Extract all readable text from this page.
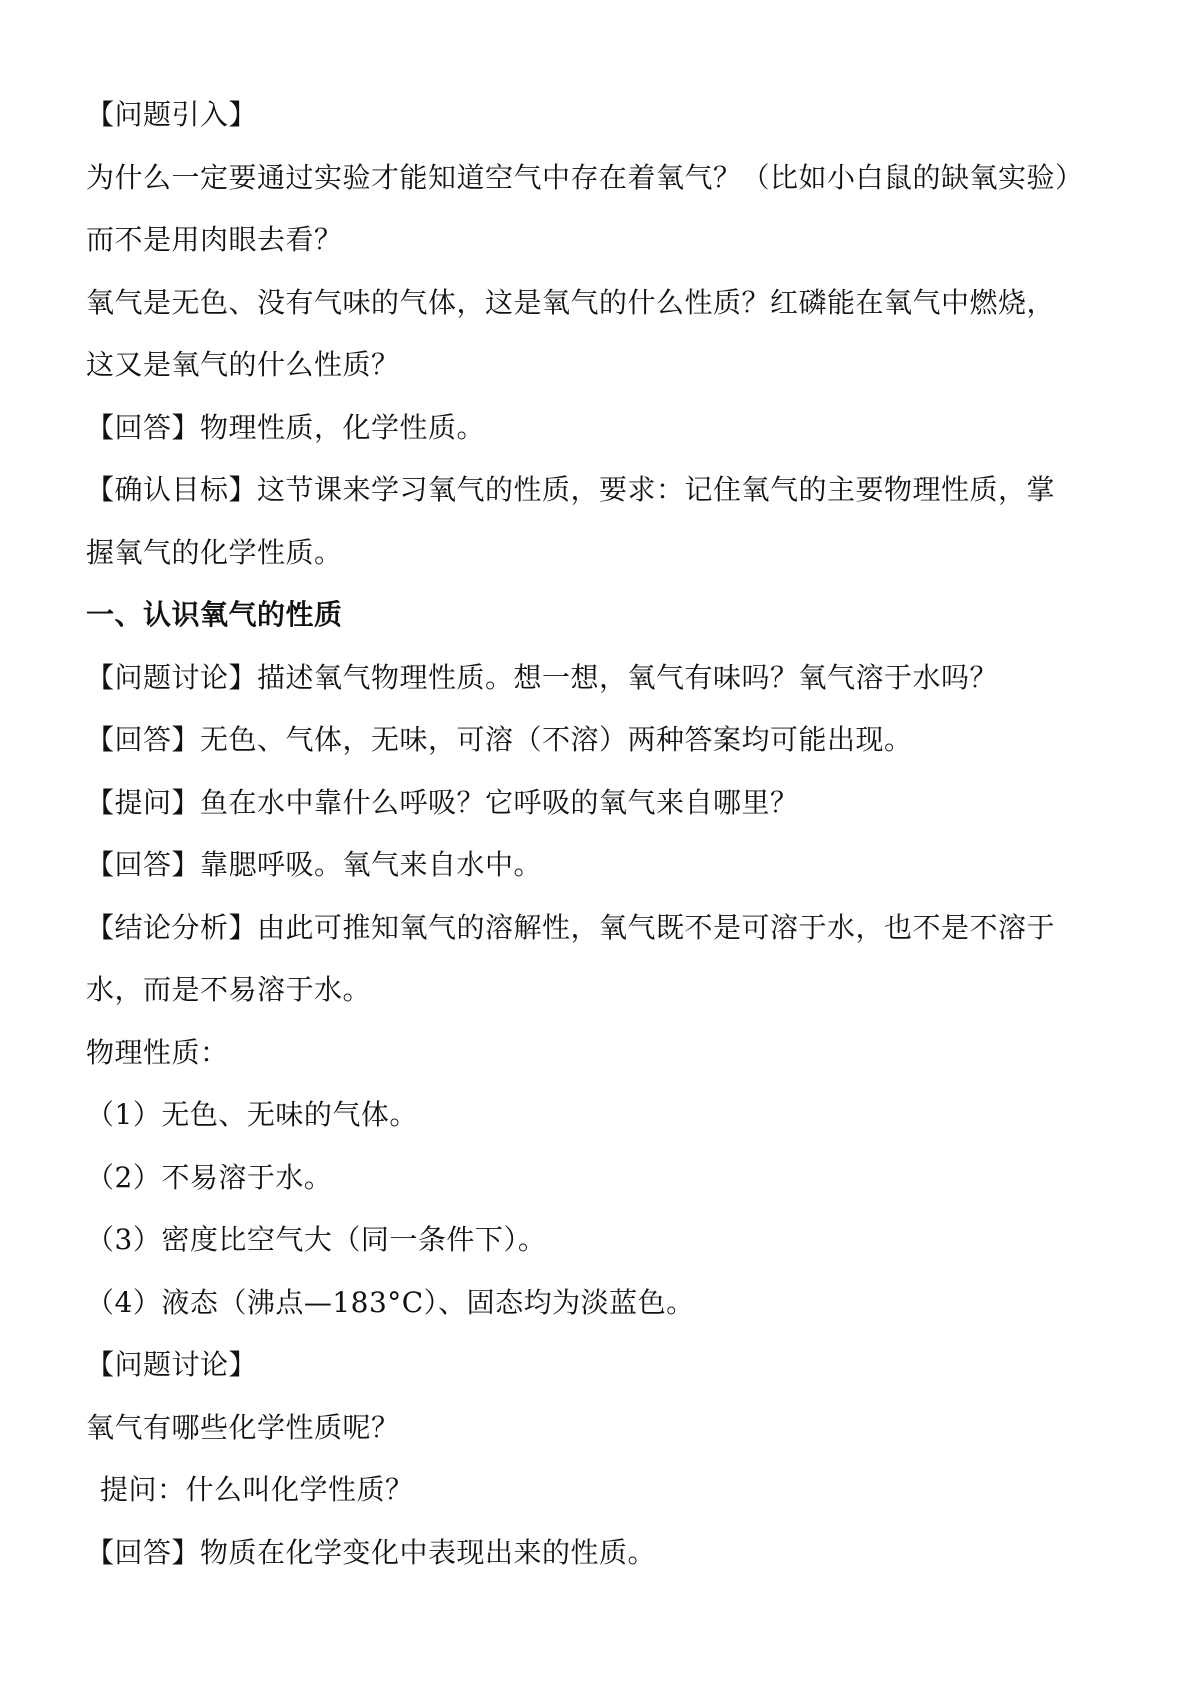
【问题引入】
为什么一定要通过实验才能知道空气中存在着氧气？（比如小白鼠的缺氧实验）
而不是用肉眼去看？
氧气是无色、没有气味的气体，这是氧气的什么性质？红磷能在氧气中燃烧，
这又是氧气的什么性质？
【回答】物理性质，化学性质。
【确认目标】这节课来学习氧气的性质，要求：记住氧气的主要物理性质，掌
握氧气的化学性质。
一、认识氧气的性质
【问题讨论】描述氧气物理性质。想一想，氧气有味吗？氧气溶于水吗？
【回答】无色、气体，无味，可溶（不溶）两种答案均可能出现。
【提问】鱼在水中靠什么呼吸？它呼吸的氧气来自哪里？
【回答】靠腮呼吸。氧气来自水中。
【结论分析】由此可推知氧气的溶解性，氧气既不是可溶于水，也不是不溶于
水，而是不易溶于水。
物理性质：
（1）无色、无味的气体。
（2）不易溶于水。
（3）密度比空气大（同一条件下）。
（4）液态（沸点—183°C）、固态均为淡蓝色。
【问题讨论】
氧气有哪些化学性质呢？
提问：什么叫化学性质？
【回答】物质在化学变化中表现出来的性质。
